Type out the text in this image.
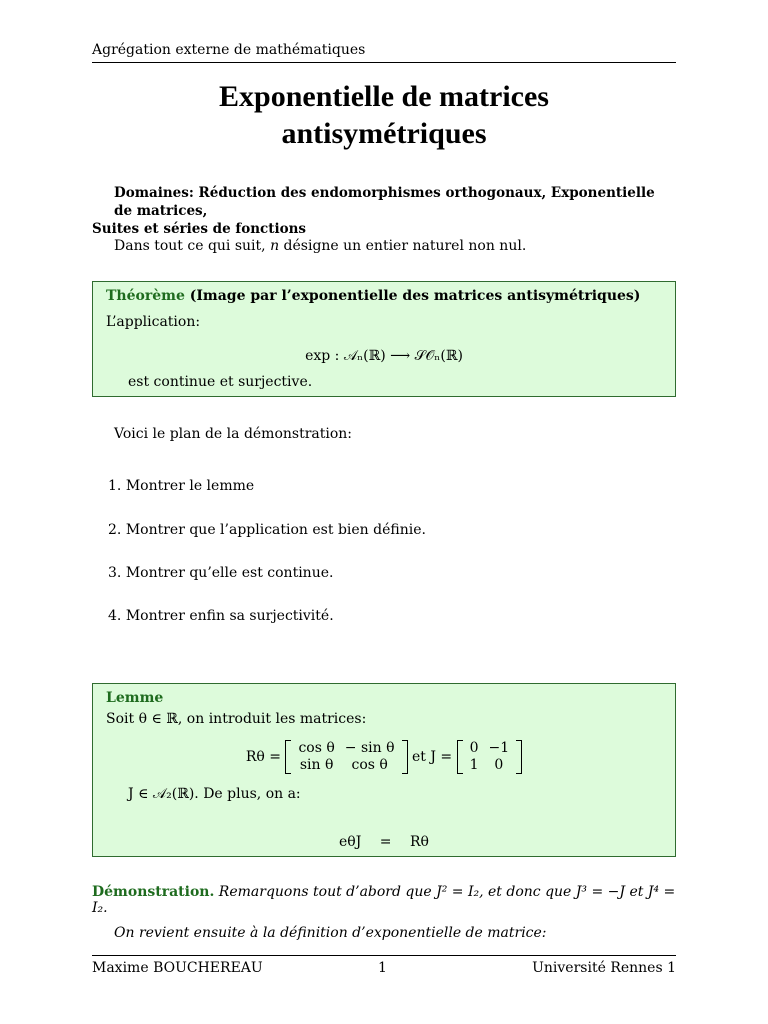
Agrégation externe de mathématiques
Exponentielle de matrices
antisymétriques
Domaines: Réduction des endomorphismes orthogonaux, Exponentielle de matrices,
Suites et séries de fonctions
Dans tout ce qui suit, n désigne un entier naturel non nul.
Théorème (Image par l’exponentielle des matrices antisymétriques)
L’application:
exp : 𝒜ₙ(ℝ) ⟶ 𝒮𝒪ₙ(ℝ)
est continue et surjective.
Voici le plan de la démonstration:
1. Montrer le lemme
2. Montrer que l’application est bien définie.
3. Montrer qu’elle est continue.
4. Montrer enfin sa surjectivité.
Lemme
Soit θ ∈ ℝ, on introduit les matrices:
Rθ =
cos θ	− sin θ
sin θ	cos θ et J =
0	−1
1	0
J ∈ 𝒜₂(ℝ). De plus, on a:
eθJ = Rθ
Démonstration. Remarquons tout d’abord que J² = I₂, et donc que J³ = −J et J⁴ = I₂.
On revient ensuite à la définition d’exponentielle de matrice:
Maxime BOUCHEREAU	1	Université Rennes 1
